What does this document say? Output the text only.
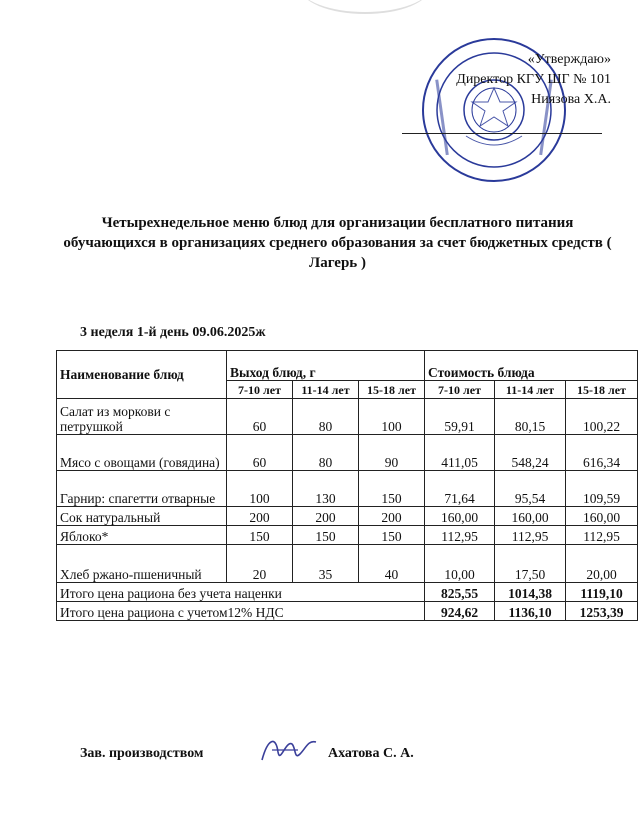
«Утверждаю»
Директор КГУ ШГ № 101
Ниязова Х.А.
Четырехнедельное меню блюд для организации бесплатного питания обучающихся в организациях среднего образования за счет бюджетных средств ( Лагерь )
3 неделя 1-й день 09.06.2025ж
Наименование блюд	Выход блюд, г			Стоимость блюда		
	7-10 лет	11-14 лет	15-18 лет	7-10 лет	11-14 лет	15-18 лет
Салат из моркови с петрушкой	60	80	100	59,91	80,15	100,22
Мясо с овощами (говядина)	60	80	90	411,05	548,24	616,34
Гарнир: спагетти отварные	100	130	150	71,64	95,54	109,59
Сок натуральный	200	200	200	160,00	160,00	160,00
Яблоко*	150	150	150	112,95	112,95	112,95
Хлеб ржано-пшеничный	20	35	40	10,00	17,50	20,00
Итого цена рациона без учета наценки				825,55	1014,38	1119,10
Итого цена рациона с учетом12% НДС				924,62	1136,10	1253,39
Зав. производством	Ахатова С. А.
